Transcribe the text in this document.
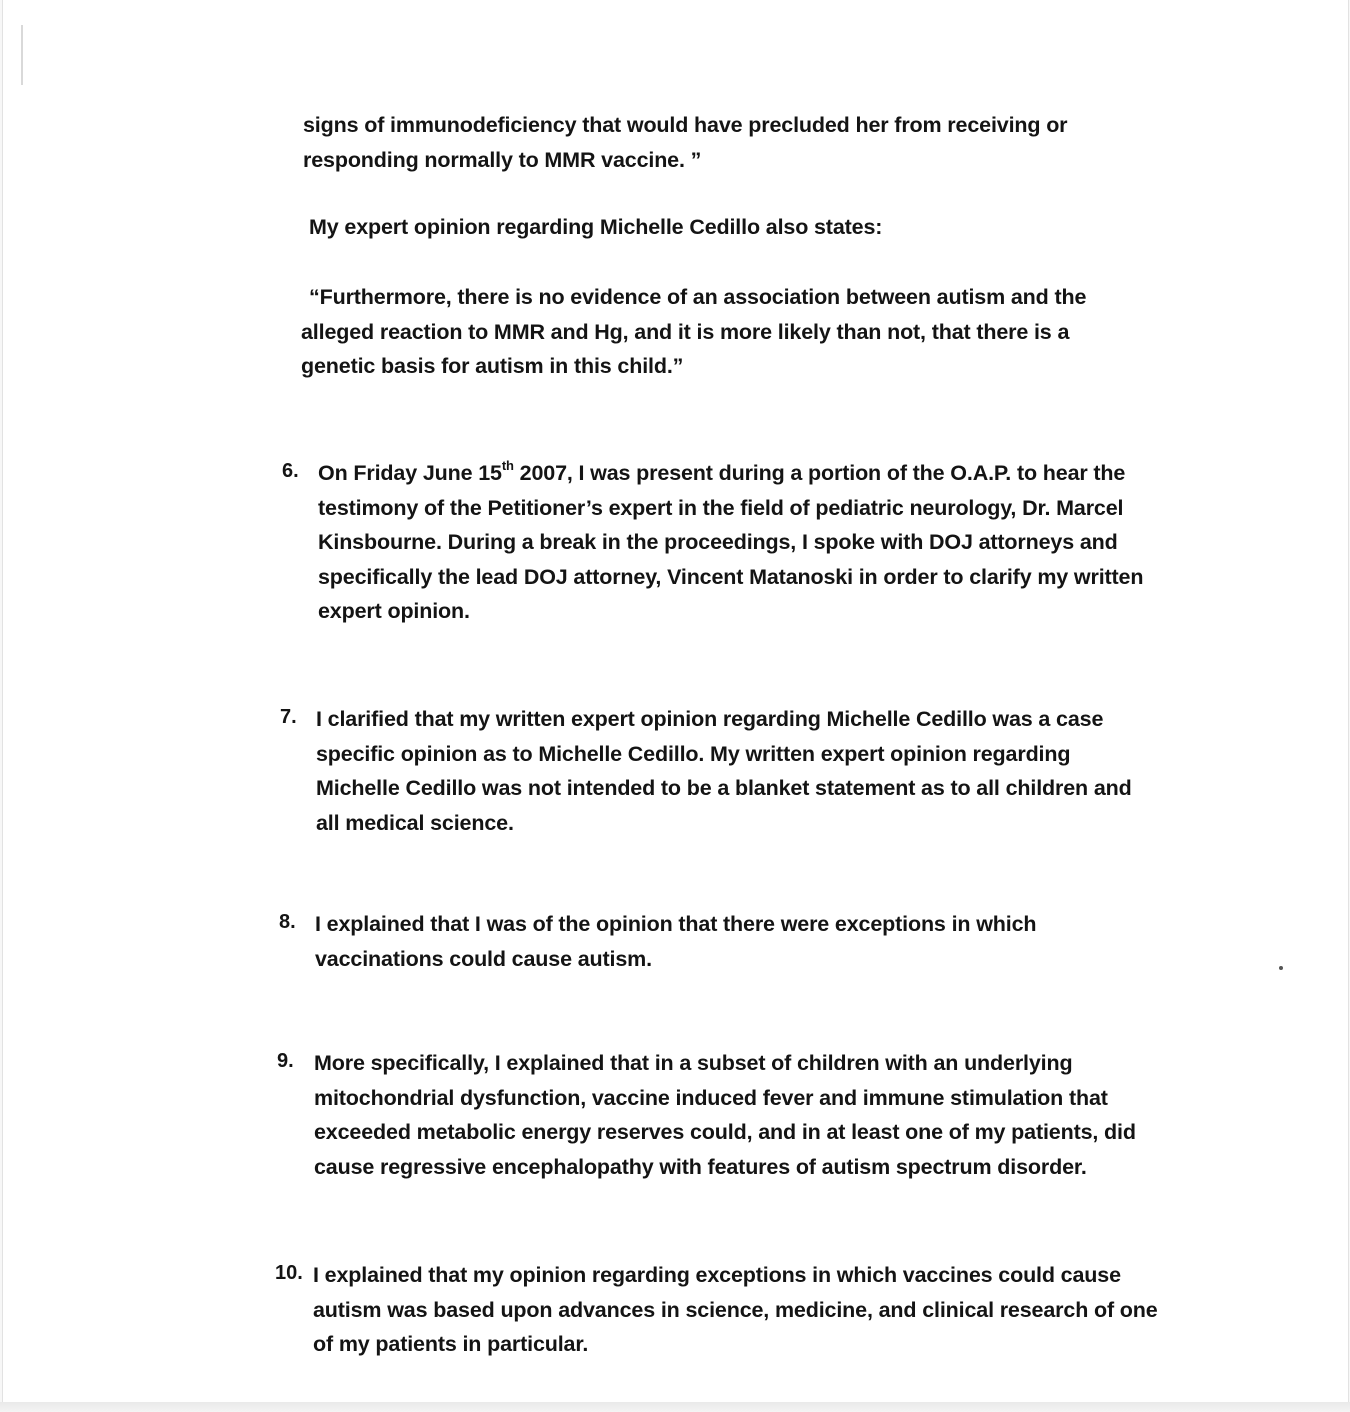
signs of immunodeficiency that would have precluded her from receiving or
responding normally to MMR vaccine. ”
My expert opinion regarding Michelle Cedillo also states:
“Furthermore, there is no evidence of an association between autism and the
alleged reaction to MMR and Hg, and it is more likely than not, that there is a
genetic basis for autism in this child.”
6. On Friday June 15th 2007, I was present during a portion of the O.A.P. to hear the
testimony of the Petitioner’s expert in the field of pediatric neurology, Dr. Marcel
Kinsbourne. During a break in the proceedings, I spoke with DOJ attorneys and
specifically the lead DOJ attorney, Vincent Matanoski in order to clarify my written
expert opinion.
7. I clarified that my written expert opinion regarding Michelle Cedillo was a case
specific opinion as to Michelle Cedillo. My written expert opinion regarding
Michelle Cedillo was not intended to be a blanket statement as to all children and
all medical science.
8. I explained that I was of the opinion that there were exceptions in which
vaccinations could cause autism.
9. More specifically, I explained that in a subset of children with an underlying
mitochondrial dysfunction, vaccine induced fever and immune stimulation that
exceeded metabolic energy reserves could, and in at least one of my patients, did
cause regressive encephalopathy with features of autism spectrum disorder.
10. I explained that my opinion regarding exceptions in which vaccines could cause
autism was based upon advances in science, medicine, and clinical research of one
of my patients in particular.
